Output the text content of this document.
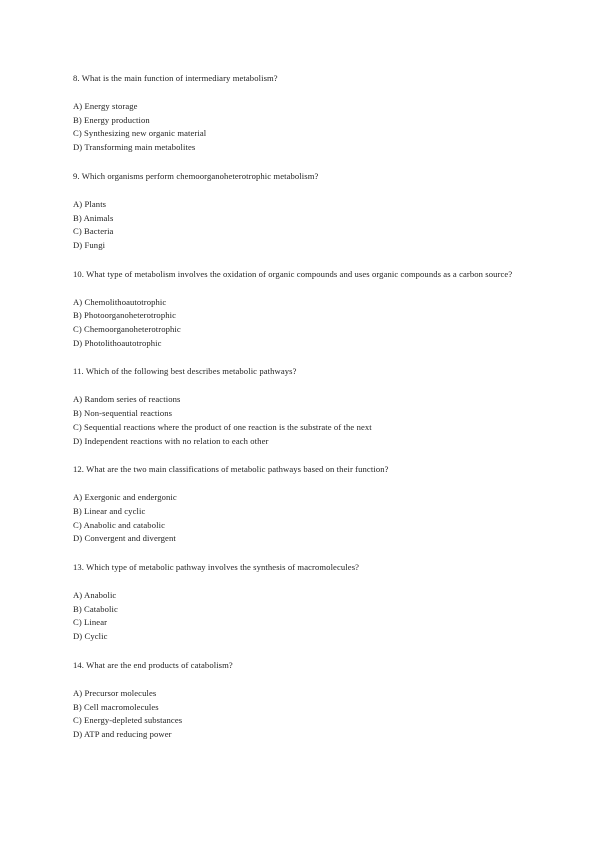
8. What is the main function of intermediary metabolism?

A) Energy storage
B) Energy production
C) Synthesizing new organic material
D) Transforming main metabolites

9. Which organisms perform chemoorganoheterotrophic metabolism?

A) Plants
B) Animals
C) Bacteria
D) Fungi

10. What type of metabolism involves the oxidation of organic compounds and uses organic compounds as a carbon source?

A) Chemolithoautotrophic
B) Photoorganoheterotrophic
C) Chemoorganoheterotrophic
D) Photolithoautotrophic

11. Which of the following best describes metabolic pathways?

A) Random series of reactions
B) Non-sequential reactions
C) Sequential reactions where the product of one reaction is the substrate of the next
D) Independent reactions with no relation to each other

12. What are the two main classifications of metabolic pathways based on their function?

A) Exergonic and endergonic
B) Linear and cyclic
C) Anabolic and catabolic
D) Convergent and divergent

13. Which type of metabolic pathway involves the synthesis of macromolecules?

A) Anabolic
B) Catabolic
C) Linear
D) Cyclic

14. What are the end products of catabolism?

A) Precursor molecules
B) Cell macromolecules
C) Energy-depleted substances
D) ATP and reducing power
